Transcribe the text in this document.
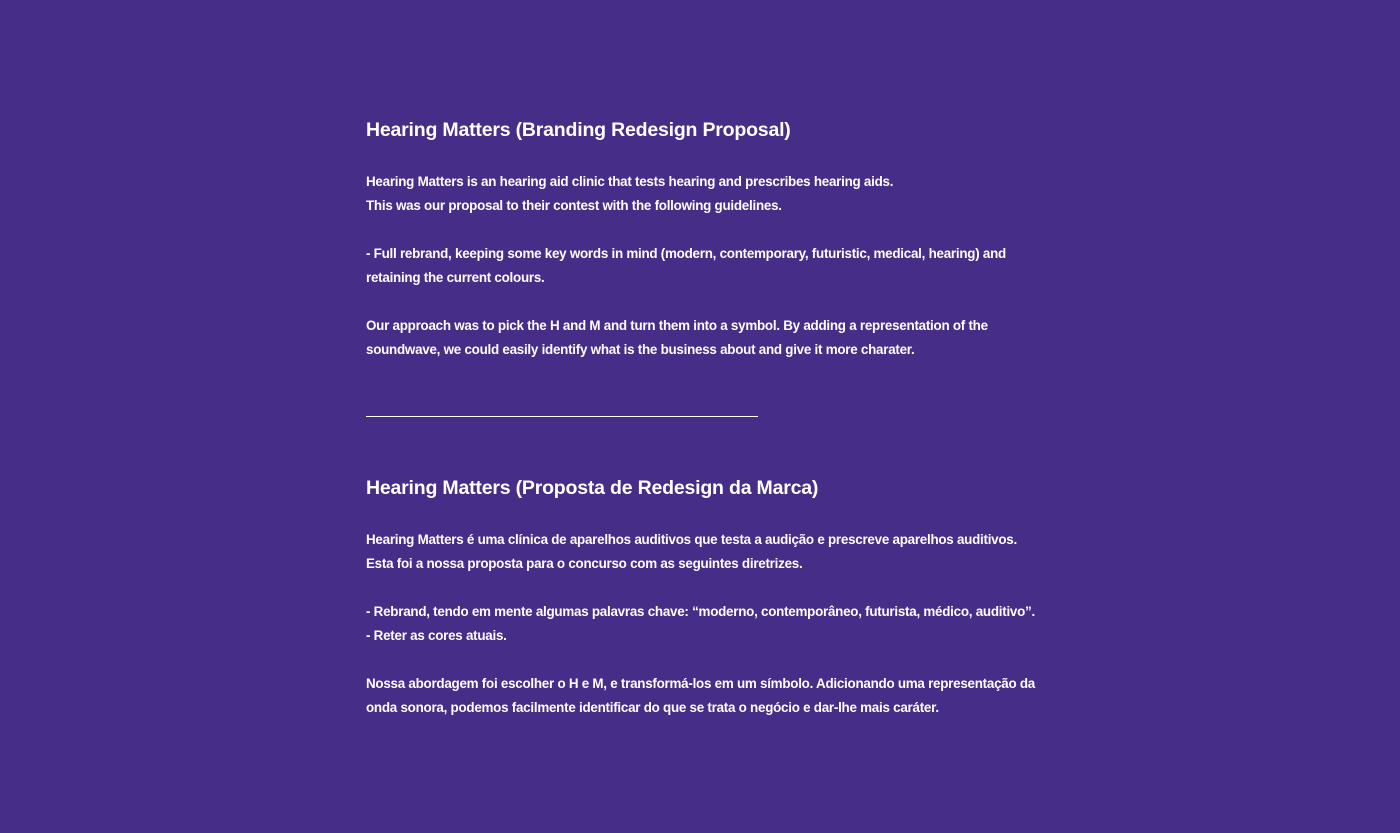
Hearing Matters (Branding Redesign Proposal)
Hearing Matters is an hearing aid clinic that tests hearing and prescribes hearing aids.
This was our proposal to their contest with the following guidelines.
- Full rebrand, keeping some key words in mind (modern, contemporary, futuristic, medical, hearing) and
retaining the current colours.
Our approach was to pick the H and M and turn them into a symbol. By adding a representation of the
soundwave, we could easily identify what is the business about and give it more charater.
Hearing Matters (Proposta de Redesign da Marca)
Hearing Matters é uma clínica de aparelhos auditivos que testa a audição e prescreve aparelhos auditivos.
Esta foi a nossa proposta para o concurso com as seguintes diretrizes.
- Rebrand, tendo em mente algumas palavras chave: “moderno, contemporâneo, futurista, médico, auditivo”.
- Reter as cores atuais.
Nossa abordagem foi escolher o H e M, e transformá-los em um símbolo. Adicionando uma representação da
onda sonora, podemos facilmente identificar do que se trata o negócio e dar-lhe mais caráter.
